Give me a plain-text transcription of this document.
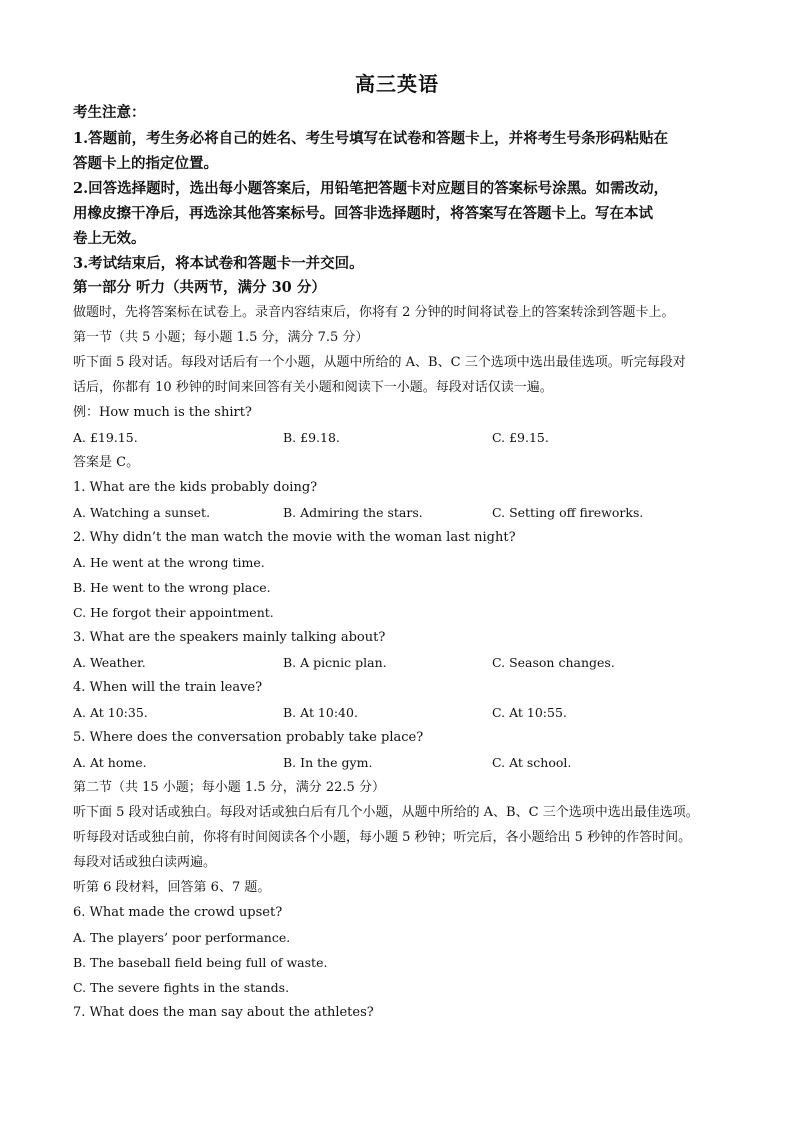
高三英语
考生注意：
1.答题前，考生务必将自己的姓名、考生号填写在试卷和答题卡上，并将考生号条形码粘贴在
答题卡上的指定位置。
2.回答选择题时，选出每小题答案后，用铅笔把答题卡对应题目的答案标号涂黑。如需改动，
用橡皮擦干净后，再选涂其他答案标号。回答非选择题时，将答案写在答题卡上。写在本试
卷上无效。
3.考试结束后，将本试卷和答题卡一并交回。
第一部分 听力（共两节，满分 30 分）
做题时，先将答案标在试卷上。录音内容结束后，你将有 2 分钟的时间将试卷上的答案转涂到答题卡上。
第一节（共 5 小题；每小题 1.5 分，满分 7.5 分）
听下面 5 段对话。每段对话后有一个小题，从题中所给的 A、B、C 三个选项中选出最佳选项。听完每段对
话后，你都有 10 秒钟的时间来回答有关小题和阅读下一小题。每段对话仅读一遍。
例：How much is the shirt?
A. £19.15.	B. £9.18.	C. £9.15.
答案是 C。
1. What are the kids probably doing?
A. Watching a sunset.	B. Admiring the stars.	C. Setting off fireworks.
2. Why didn’t the man watch the movie with the woman last night?
A. He went at the wrong time.
B. He went to the wrong place.
C. He forgot their appointment.
3. What are the speakers mainly talking about?
A. Weather.	B. A picnic plan.	C. Season changes.
4. When will the train leave?
A. At 10:35.	B. At 10:40.	C. At 10:55.
5. Where does the conversation probably take place?
A. At home.	B. In the gym.	C. At school.
第二节（共 15 小题；每小题 1.5 分，满分 22.5 分）
听下面 5 段对话或独白。每段对话或独白后有几个小题，从题中所给的 A、B、C 三个选项中选出最佳选项。
听每段对话或独白前，你将有时间阅读各个小题，每小题 5 秒钟；听完后，各小题给出 5 秒钟的作答时间。
每段对话或独白读两遍。
听第 6 段材料，回答第 6、7 题。
6. What made the crowd upset?
A. The players’ poor performance.
B. The baseball field being full of waste.
C. The severe fights in the stands.
7. What does the man say about the athletes?
